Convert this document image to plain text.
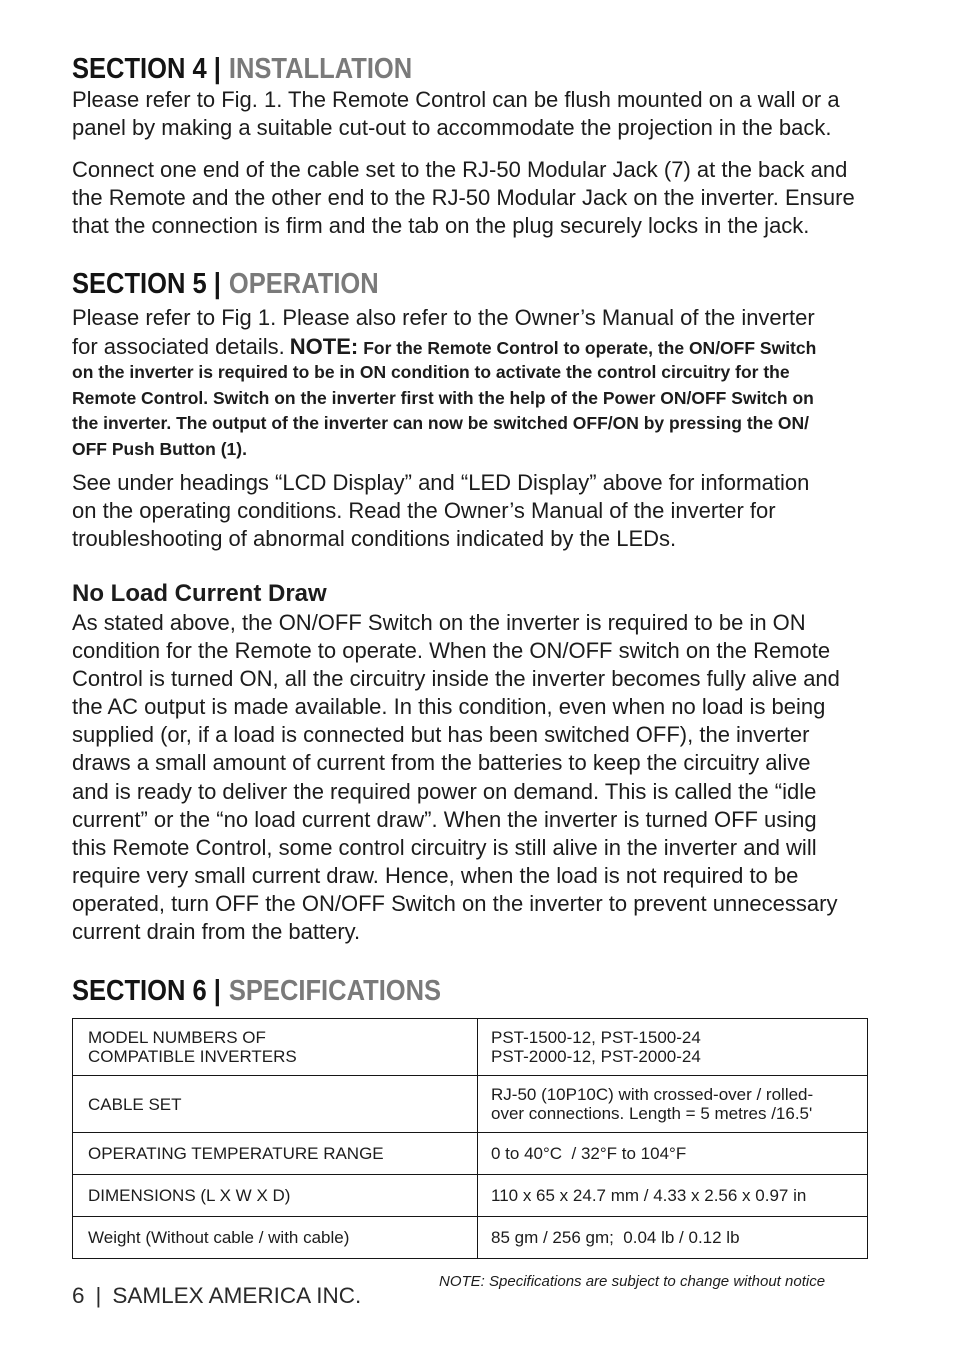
SECTION 4 | INSTALLATION
Please refer to Fig. 1. The Remote Control can be flush mounted on a wall or a
panel by making a suitable cut-out to accommodate the projection in the back.
Connect one end of the cable set to the RJ-50 Modular Jack (7) at the back and
the Remote and the other end to the RJ-50 Modular Jack on the inverter. Ensure
that the connection is firm and the tab on the plug securely locks in the jack.
SECTION 5 | OPERATION
Please refer to Fig 1. Please also refer to the Owner’s Manual of the inverter
for associated details. NOTE: For the Remote Control to operate, the ON/OFF Switch
on the inverter is required to be in ON condition to activate the control circuitry for the
Remote Control. Switch on the inverter first with the help of the Power ON/OFF Switch on
the inverter. The output of the inverter can now be switched OFF/ON by pressing the ON/
OFF Push Button (1).
See under headings “LCD Display” and “LED Display” above for information
on the operating conditions. Read the Owner’s Manual of the inverter for
troubleshooting of abnormal conditions indicated by the LEDs.
No Load Current Draw
As stated above, the ON/OFF Switch on the inverter is required to be in ON
condition for the Remote to operate. When the ON/OFF switch on the Remote
Control is turned ON, all the circuitry inside the inverter becomes fully alive and
the AC output is made available. In this condition, even when no load is being
supplied (or, if a load is connected but has been switched OFF), the inverter
draws a small amount of current from the batteries to keep the circuitry alive
and is ready to deliver the required power on demand. This is called the “idle
current” or the “no load current draw”. When the inverter is turned OFF using
this Remote Control, some control circuitry is still alive in the inverter and will
require very small current draw. Hence, when the load is not required to be
operated, turn OFF the ON/OFF Switch on the inverter to prevent unnecessary
current drain from the battery.
SECTION 6 | SPECIFICATIONS
MODEL NUMBERS OF
COMPATIBLE INVERTERS	PST-1500-12, PST-1500-24
PST-2000-12, PST-2000-24

CABLE SET	RJ-50 (10P10C) with crossed-over / rolled-
over connections. Length = 5 metres /16.5'

OPERATING TEMPERATURE RANGE	0 to 40°C  / 32°F to 104°F

DIMENSIONS (L X W X D)	110 x 65 x 24.7 mm / 4.33 x 2.56 x 0.97 in

Weight (Without cable / with cable)	85 gm / 256 gm;  0.04 lb / 0.12 lb
NOTE: Specifications are subject to change without notice
6 | SAMLEX AMERICA INC.
